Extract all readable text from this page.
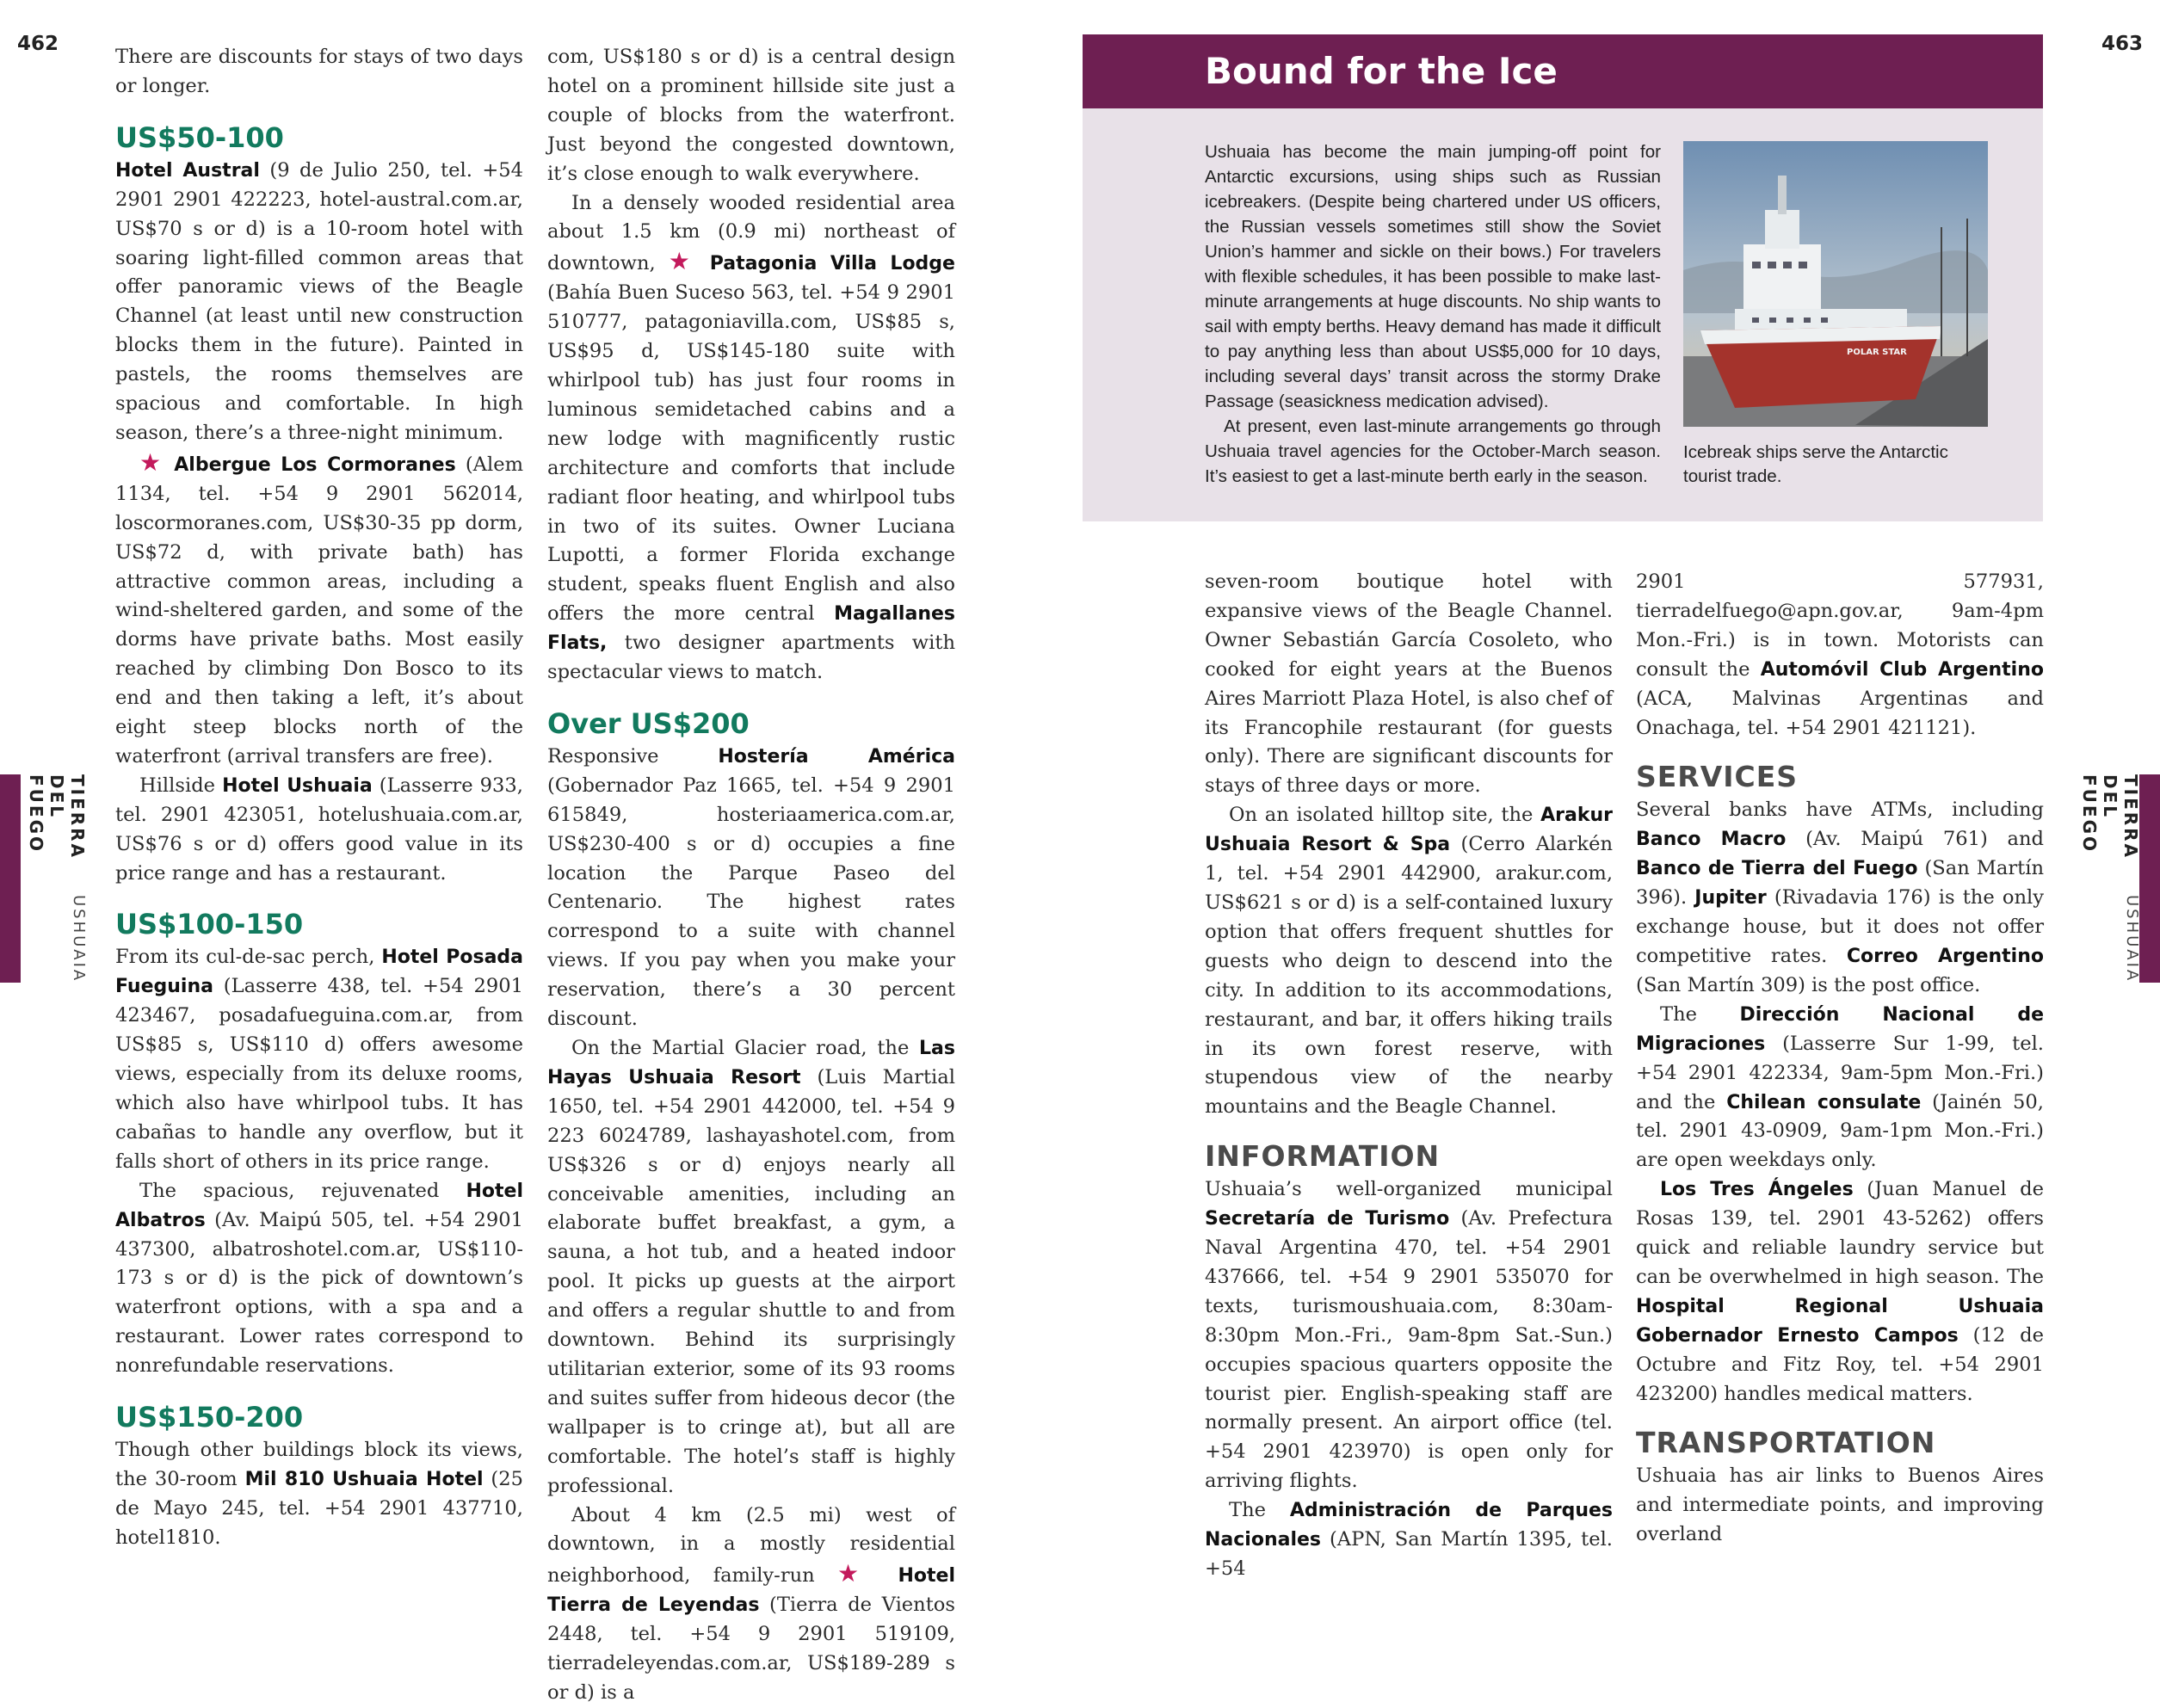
462	463
TIERRA DEL FUEGO
USHUAIA
TIERRA DEL FUEGO
USHUAIA

There are discounts for stays of two days or longer.

US$50-100

Hotel Austral (9 de Julio 250, tel. +54 2901 2901 422223, hotel-austral.com.ar, US$70 s or d) is a 10-room hotel with soaring light-filled common areas that offer panoramic views of the Beagle Channel (at least until new construction blocks them in the future). Painted in pastels, the rooms themselves are spacious and comfortable. In high season, there’s a three-night minimum.

★ Albergue Los Cormoranes (Alem 1134, tel. +54 9 2901 562014, loscormoranes.com, US$30-35 pp dorm, US$72 d, with private bath) has attractive common areas, including a wind-sheltered garden, and some of the dorms have private baths. Most easily reached by climbing Don Bosco to its end and then taking a left, it’s about eight steep blocks north of the waterfront (arrival transfers are free).

Hillside Hotel Ushuaia (Lasserre 933, tel. 2901 423051, hotelushuaia.com.ar, US$76 s or d) offers good value in its price range and has a restaurant.

US$100-150

From its cul-de-sac perch, Hotel Posada Fueguina (Lasserre 438, tel. +54 2901 423467, posadafueguina.com.ar, from US$85 s, US$110 d) offers awesome views, especially from its deluxe rooms, which also have whirlpool tubs. It has cabañas to handle any overflow, but it falls short of others in its price range.

The spacious, rejuvenated Hotel Albatros (Av. Maipú 505, tel. +54 2901 437300, albatroshotel.com.ar, US$110-173 s or d) is the pick of downtown’s waterfront options, with a spa and a restaurant. Lower rates correspond to nonrefundable reservations.

US$150-200

Though other buildings block its views, the 30-room Mil 810 Ushuaia Hotel (25 de Mayo 245, tel. +54 2901 437710, hotel1810.

com, US$180 s or d) is a central design hotel on a prominent hillside site just a couple of blocks from the waterfront. Just beyond the congested downtown, it’s close enough to walk everywhere.

In a densely wooded residential area about 1.5 km (0.9 mi) northeast of downtown, ★ Patagonia Villa Lodge (Bahía Buen Suceso 563, tel. +54 9 2901 510777, patagoniavilla.com, US$85 s, US$95 d, US$145-180 suite with whirlpool tub) has just four rooms in luminous semidetached cabins and a new lodge with magnificently rustic architecture and comforts that include radiant floor heating, and whirlpool tubs in two of its suites. Owner Luciana Lupotti, a former Florida exchange student, speaks fluent English and also offers the more central Magallanes Flats, two designer apartments with spectacular views to match.

Over US$200

Responsive Hostería América (Gobernador Paz 1665, tel. +54 9 2901 615849, hosteriaamerica.com.ar, US$230-400 s or d) occupies a fine location the Parque Paseo del Centenario. The highest rates correspond to a suite with channel views. If you pay when you make your reservation, there’s a 30 percent discount.

On the Martial Glacier road, the Las Hayas Ushuaia Resort (Luis Martial 1650, tel. +54 2901 442000, tel. +54 9 223 6024789, lashayashotel.com, from US$326 s or d) enjoys nearly all conceivable amenities, including an elaborate buffet breakfast, a gym, a sauna, a hot tub, and a heated indoor pool. It picks up guests at the airport and offers a regular shuttle to and from downtown. Behind its surprisingly utilitarian exterior, some of its 93 rooms and suites suffer from hideous decor (the wallpaper is to cringe at), but all are comfortable. The hotel’s staff is highly professional.

About 4 km (2.5 mi) west of downtown, in a mostly residential neighborhood, family-run ★ Hotel Tierra de Leyendas (Tierra de Vientos 2448, tel. +54 9 2901 519109, tierradeleyendas.com.ar, US$189-289 s or d) is a

Bound for the Ice

Ushuaia has become the main jumping-off point for Antarctic excursions, using ships such as Russian icebreakers. (Despite being chartered under US officers, the Russian vessels sometimes still show the Soviet Union’s hammer and sickle on their bows.) For travelers with flexible schedules, it has been possible to make last-minute arrangements at huge discounts. No ship wants to sail with empty berths. Heavy demand has made it difficult to pay anything less than about US$5,000 for 10 days, including several days’ transit across the stormy Drake Passage (seasickness medication advised).

At present, even last-minute arrangements go through Ushuaia travel agencies for the October-March season. It’s easiest to get a last-minute berth early in the season.

POLAR STAR
Icebreak ships serve the Antarctic tourist trade.

seven-room boutique hotel with expansive views of the Beagle Channel. Owner Sebastián García Cosoleto, who cooked for eight years at the Buenos Aires Marriott Plaza Hotel, is also chef of its Francophile restaurant (for guests only). There are significant discounts for stays of three days or more.

On an isolated hilltop site, the Arakur Ushuaia Resort & Spa (Cerro Alarkén 1, tel. +54 2901 442900, arakur.com, US$621 s or d) is a self-contained luxury option that offers frequent shuttles for guests who deign to descend into the city. In addition to its accommodations, restaurant, and bar, it offers hiking trails in its own forest reserve, with stupendous view of the nearby mountains and the Beagle Channel.

INFORMATION

Ushuaia’s well-organized municipal Secretaría de Turismo (Av. Prefectura Naval Argentina 470, tel. +54 2901 437666, tel. +54 9 2901 535070 for texts, turismoushuaia.com, 8:30am-8:30pm Mon.-Fri., 9am-8pm Sat.-Sun.) occupies spacious quarters opposite the tourist pier. English-speaking staff are normally present. An airport office (tel. +54 2901 423970) is open only for arriving flights.

The Administración de Parques Nacionales (APN, San Martín 1395, tel. +54

2901 577931, tierradelfuego@apn.gov.ar, 9am-4pm Mon.-Fri.) is in town. Motorists can consult the Automóvil Club Argentino (ACA, Malvinas Argentinas and Onachaga, tel. +54 2901 421121).

SERVICES

Several banks have ATMs, including Banco Macro (Av. Maipú 761) and Banco de Tierra del Fuego (San Martín 396). Jupiter (Rivadavia 176) is the only exchange house, but it does not offer competitive rates. Correo Argentino (San Martín 309) is the post office.

The Dirección Nacional de Migraciones (Lasserre Sur 1-99, tel. +54 2901 422334, 9am-5pm Mon.-Fri.) and the Chilean consulate (Jainén 50, tel. 2901 43-0909, 9am-1pm Mon.-Fri.) are open weekdays only.

Los Tres Ángeles (Juan Manuel de Rosas 139, tel. 2901 43-5262) offers quick and reliable laundry service but can be overwhelmed in high season. The Hospital Regional Ushuaia Gobernador Ernesto Campos (12 de Octubre and Fitz Roy, tel. +54 2901 423200) handles medical matters.

TRANSPORTATION

Ushuaia has air links to Buenos Aires and intermediate points, and improving overland
